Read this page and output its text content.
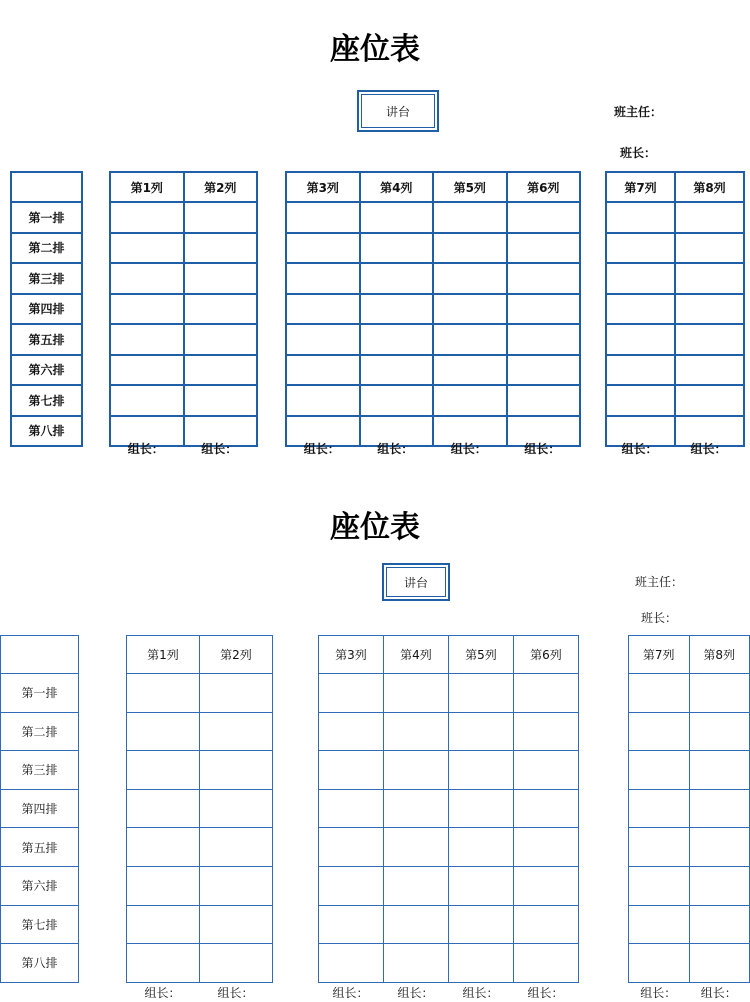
座位表
讲台	班主任：
班长：

第一排
第二排
第三排
第四排
第五排
第六排
第七排
第八排
第1列	第2列

组长：	组长：
第3列	第4列	第5列	第6列

组长：	组长：	组长：	组长：
第7列	第8列

组长：	组长：
座位表
讲台	班主任：
班长：

第一排
第二排
第三排
第四排
第五排
第六排
第七排
第八排
第1列	第2列

组长：	组长：
第3列	第4列	第5列	第6列

组长： 组长： 组长： 组长：
第7列	第8列

组长： 组长：
